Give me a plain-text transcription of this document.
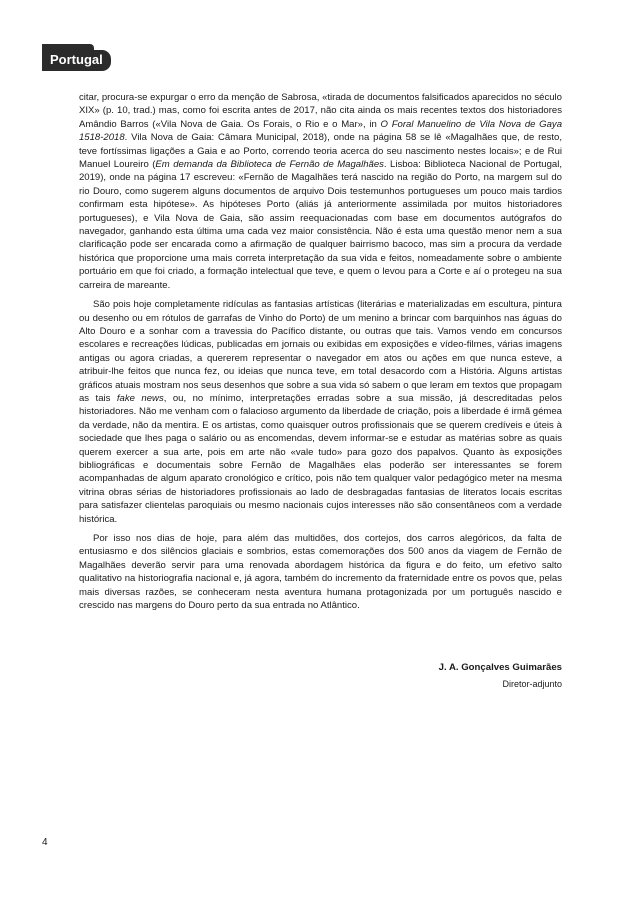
Portugal

citar, procura-se expurgar o erro da menção de Sabrosa, «tirada de documentos falsificados aparecidos no século XIX» (p. 10, trad.) mas, como foi escrita antes de 2017, não cita ainda os mais recentes textos dos historiadores Amândio Barros («Vila Nova de Gaia. Os Forais, o Rio e o Mar», in O Foral Manuelino de Vila Nova de Gaya 1518-2018. Vila Nova de Gaia: Câmara Municipal, 2018), onde na página 58 se lê «Magalhães que, de resto, teve fortíssimas ligações a Gaia e ao Porto, correndo teoria acerca do seu nascimento nestes locais»; e de Rui Manuel Loureiro (Em demanda da Biblioteca de Fernão de Magalhães. Lisboa: Biblioteca Nacional de Portugal, 2019), onde na página 17 escreveu: «Fernão de Magalhães terá nascido na região do Porto, na margem sul do rio Douro, como sugerem alguns documentos de arquivo Dois testemunhos portugueses um pouco mais tardios confirmam esta hipótese». As hipóteses Porto (aliás já anteriormente assimilada por muitos historiadores portugueses), e Vila Nova de Gaia, são assim reequacionadas com base em documentos autógrafos do navegador, ganhando esta última uma cada vez maior consistência. Não é esta uma questão menor nem a sua clarificação pode ser encarada como a afirmação de qualquer bairrismo bacoco, mas sim a procura da verdade histórica que proporcione uma mais correta interpretação da sua vida e feitos, nomeadamente sobre o ambiente portuário em que foi criado, a formação intelectual que teve, e quem o levou para a Corte e aí o protegeu na sua carreira de mareante.

São pois hoje completamente ridículas as fantasias artísticas (literárias e materializadas em escultura, pintura ou desenho ou em rótulos de garrafas de Vinho do Porto) de um menino a brincar com barquinhos nas águas do Alto Douro e a sonhar com a travessia do Pacífico distante, ou outras que tais. Vamos vendo em concursos escolares e recreações lúdicas, publicadas em jornais ou exibidas em exposições e vídeo-filmes, várias imagens antigas ou agora criadas, a quererem representar o navegador em atos ou ações em que nunca esteve, a atribuir-lhe feitos que nunca fez, ou ideias que nunca teve, em total desacordo com a História. Alguns artistas gráficos atuais mostram nos seus desenhos que sobre a sua vida só sabem o que leram em textos que propagam as tais fake news, ou, no mínimo, interpretações erradas sobre a sua missão, já descreditadas pelos historiadores. Não me venham com o falacioso argumento da liberdade de criação, pois a liberdade é irmã gémea da verdade, não da mentira. E os artistas, como quaisquer outros profissionais que se querem credíveis e úteis à sociedade que lhes paga o salário ou as encomendas, devem informar-se e estudar as matérias sobre as quais querem exercer a sua arte, pois em arte não «vale tudo» para gozo dos papalvos. Quanto às exposições bibliográficas e documentais sobre Fernão de Magalhães elas poderão ser interessantes se forem acompanhadas de algum aparato cronológico e crítico, pois não tem qualquer valor pedagógico meter na mesma vitrina obras sérias de historiadores profissionais ao lado de desbragadas fantasias de literatos locais escritas para satisfazer clientelas paroquiais ou mesmo nacionais cujos interesses não são consentâneos com a verdade histórica.

Por isso nos dias de hoje, para além das multidões, dos cortejos, dos carros alegóricos, da falta de entusiasmo e dos silêncios glaciais e sombrios, estas comemorações dos 500 anos da viagem de Fernão de Magalhães deverão servir para uma renovada abordagem histórica da figura e do feito, um efetivo salto qualitativo na historiografia nacional e, já agora, também do incremento da fraternidade entre os povos que, pelas mais diversas razões, se conheceram nesta aventura humana protagonizada por um português nascido e crescido nas margens do Douro perto da sua entrada no Atlântico.

J. A. Gonçalves Guimarães
Diretor-adjunto
4
